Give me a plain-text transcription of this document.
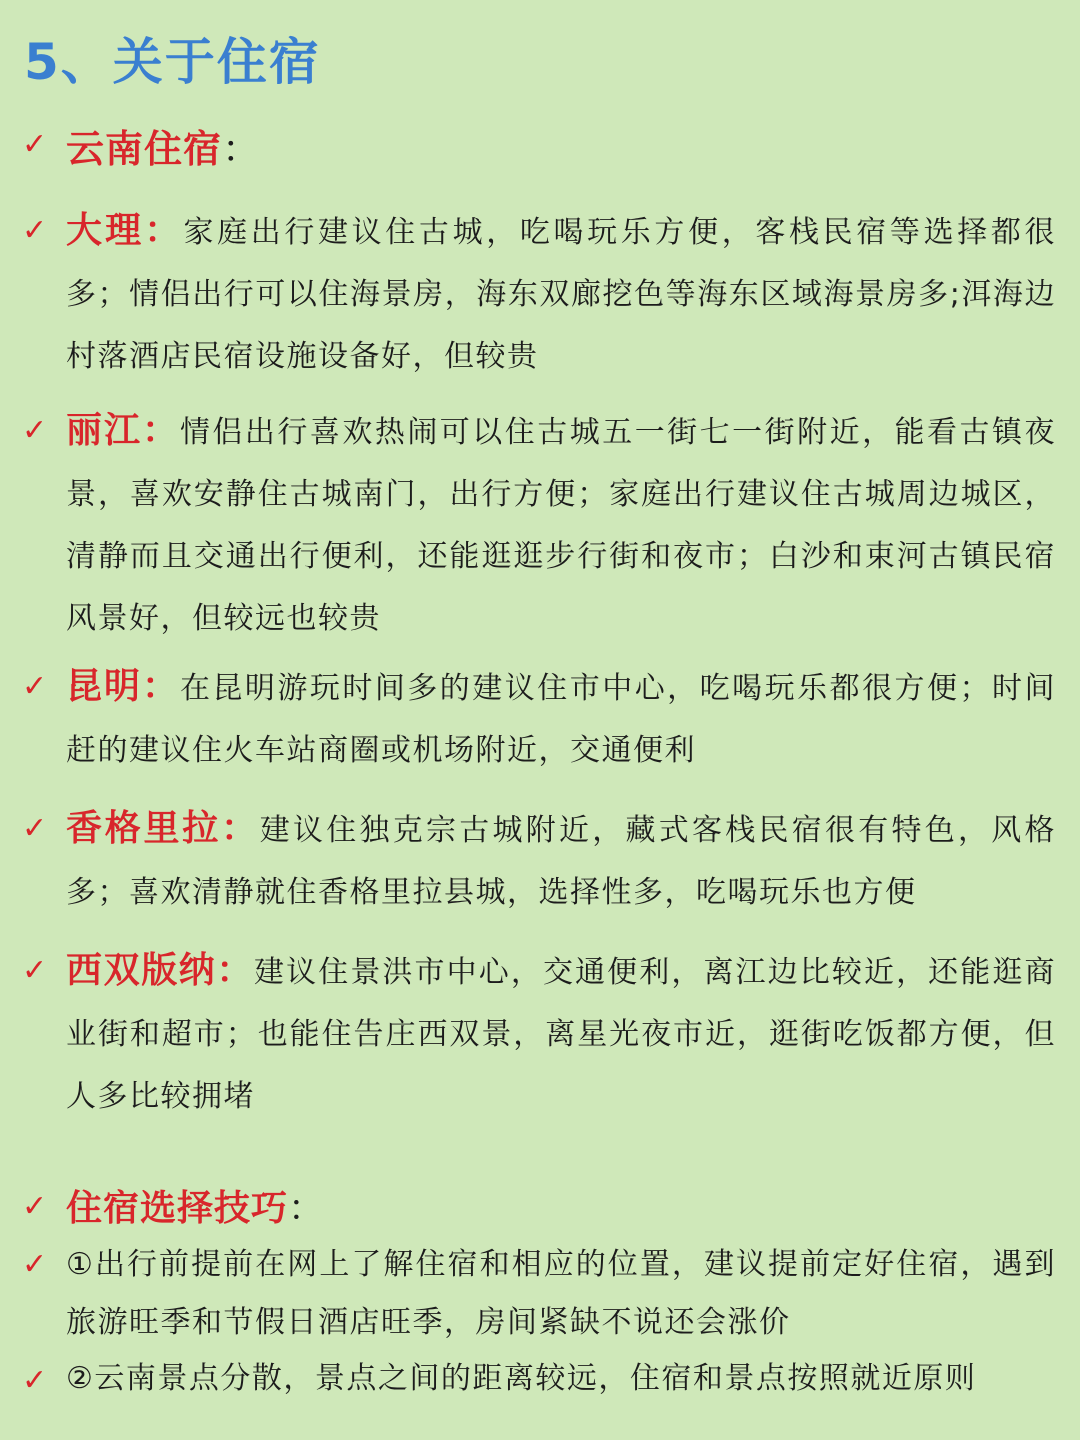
5、关于住宿
✓ 云南住宿：
✓ 大理：家庭出行建议住古城，吃喝玩乐方便，客栈民宿等选择都很多；情侣出行可以住海景房，海东双廊挖色等海东区域海景房多;洱海边村落酒店民宿设施设备好，但较贵
✓ 丽江：情侣出行喜欢热闹可以住古城五一街七一街附近，能看古镇夜景，喜欢安静住古城南门，出行方便；家庭出行建议住古城周边城区，清静而且交通出行便利，还能逛逛步行街和夜市；白沙和束河古镇民宿风景好，但较远也较贵
✓ 昆明：在昆明游玩时间多的建议住市中心，吃喝玩乐都很方便；时间赶的建议住火车站商圈或机场附近，交通便利
✓ 香格里拉：建议住独克宗古城附近，藏式客栈民宿很有特色，风格多；喜欢清静就住香格里拉县城，选择性多，吃喝玩乐也方便
✓ 西双版纳：建议住景洪市中心，交通便利，离江边比较近，还能逛商业街和超市；也能住告庄西双景，离星光夜市近，逛街吃饭都方便，但人多比较拥堵
✓ 住宿选择技巧：
✓ ①出行前提前在网上了解住宿和相应的位置，建议提前定好住宿，遇到旅游旺季和节假日酒店旺季，房间紧缺不说还会涨价
✓ ②云南景点分散，景点之间的距离较远，住宿和景点按照就近原则
